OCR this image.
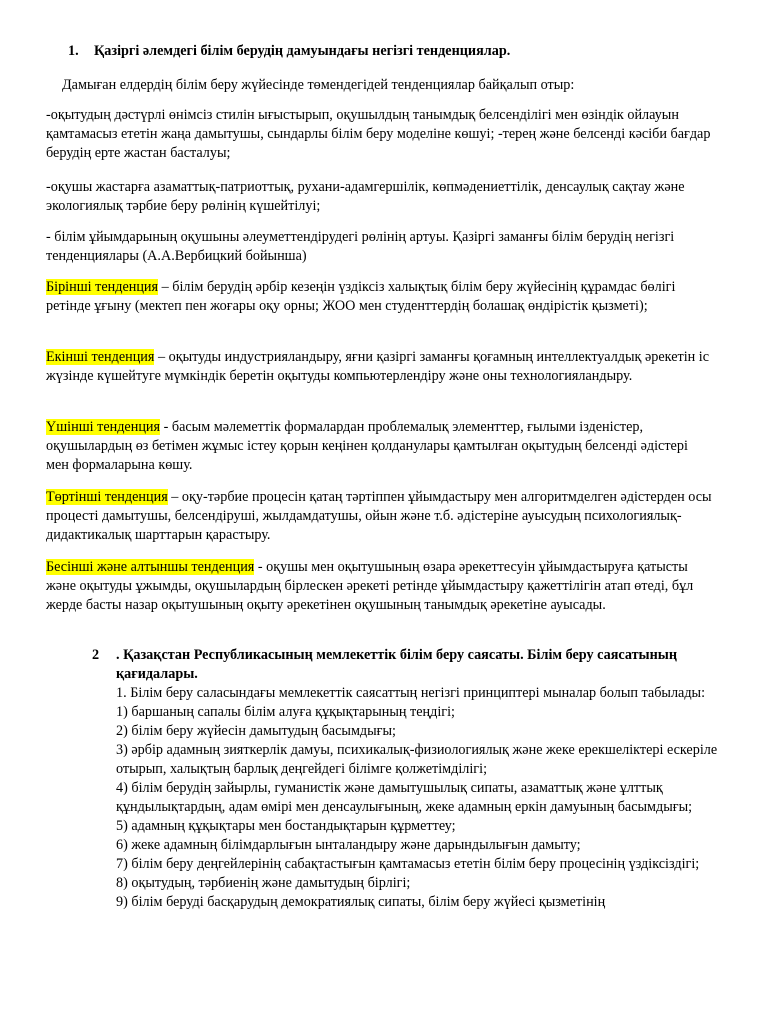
1. Қазіргі әлемдегі білім берудің дамуындағы негізгі тенденциялар.
Дамыған елдердің білім беру жүйесінде төмендегідей тенденциялар байқалып отыр:
-оқытудың дәстүрлі өнімсіз стилін ығыстырып, оқушылдың танымдық белсенділігі мен өзіндік ойлауын қамтамасыз ететін жаңа дамытушы, сындарлы білім беру моделіне көшуі; -терең және белсенді кәсіби бағдар берудің ерте жастан басталуы;
-оқушы жастарға азаматтық-патриоттық, рухани-адамгершілік, көпмәдениеттілік, денсаулық сақтау және экологиялық тәрбие беру рөлінің күшейтілуі;
- білім ұйымдарының оқушыны әлеуметтендірудегі рөлінің артуы. Қазіргі заманғы білім берудің негізгі тенденциялары (А.А.Вербицкий бойынша)
Бірінші тенденция – білім берудің әрбір кезеңін үздіксіз халықтық білім беру жүйесінің құрамдас бөлігі ретінде ұғыну (мектеп пен жоғары оқу орны; ЖОО мен студенттердің болашақ өндірістік қызметі);
Екінші тенденция – оқытуды индустрияландыру, яғни қазіргі заманғы қоғамның интеллектуалдық әрекетін іс жүзінде күшейтуге мүмкіндік беретін оқытуды компьютерлендіру және оны технологияландыру.
Үшінші тенденция - басым мәлеметтік формалардан проблемалық элементтер, ғылыми ізденістер, оқушылардың өз бетімен жұмыс істеу қорын кеңінен қолданулары қамтылған оқытудың белсенді әдістері мен формаларына көшу.
Төртінші тенденция – оқу-тәрбие процесін қатаң тәртіппен ұйымдастыру мен алгоритмделген әдістерден осы процесті дамытушы, белсендіруші, жылдамдатушы, ойын және т.б. әдістеріне ауысудың психологиялық-дидактикалық шарттарын қарастыру.
Бесінші және алтыншы тенденция - оқушы мен оқытушының өзара әрекеттесуін ұйымдастыруға қатысты және оқытуды ұжымды, оқушылардың бірлескен әрекеті ретінде ұйымдастыру қажеттілігін атап өтеді, бұл жерде басты назар оқытушының оқыту әрекетінен оқушының танымдық әрекетіне ауысады.
2 . Қазақстан Республикасының мемлекеттік білім беру саясаты. Білім беру саясатының қағидалары.
1. Білім беру саласындағы мемлекеттік саясаттың негізгі принциптері мыналар болып табылады:
1) баршаның сапалы білім алуға құқықтарының теңдігі;
2) білім беру жүйесін дамытудың басымдығы;
3) әрбір адамның зияткерлік дамуы, психикалық-физиологиялық және жеке ерекшеліктері ескеріле отырып, халықтың барлық деңгейдегі білімге қолжетімділігі;
4) білім берудің зайырлы, гуманистік және дамытушылық сипаты, азаматтық және ұлттық құндылықтардың, адам өмірі мен денсаулығының, жеке адамның еркін дамуының басымдығы;
5) адамның құқықтары мен бостандықтарын құрметтеу;
6) жеке адамның білімдарлығын ынталандыру және дарындылығын дамыту;
7) білім беру деңгейлерінің сабақтастығын қамтамасыз ететін білім беру процесінің үздіксіздігі;
8) оқытудың, тәрбиенің және дамытудың бірлігі;
9) білім беруді басқарудың демократиялық сипаты, білім беру жүйесі қызметінің
